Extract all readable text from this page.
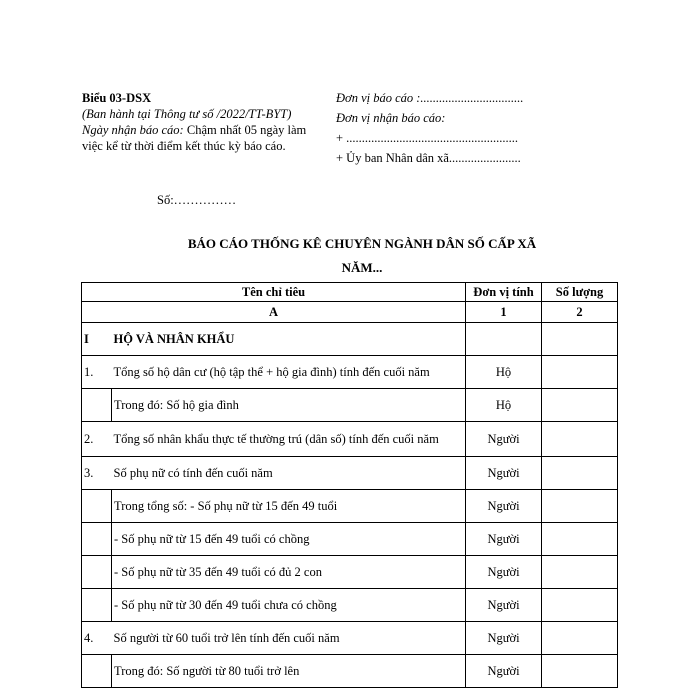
Biểu 03-DSX
(Ban hành tại Thông tư số /2022/TT-BYT)
Ngày nhận báo cáo: Chậm nhất 05 ngày làm việc kể từ thời điểm kết thúc kỳ báo cáo.
Đơn vị báo cáo :.................................
Đơn vị nhận báo cáo:
+ .......................................................
+ Ủy ban Nhân dân xã.......................
Số:……………
BÁO CÁO THỐNG KÊ CHUYÊN NGÀNH DÂN SỐ CẤP XÃ
NĂM...
Tên chỉ tiêu		Đơn vị tính	Số lượng
A		1	2
I	HỘ VÀ NHÂN KHẨU		
1.	Tổng số hộ dân cư (hộ tập thể + hộ gia đình) tính đến cuối năm	Hộ	
	Trong đó: Số hộ gia đình	Hộ	
2.	Tổng số nhân khẩu thực tế thường trú (dân số) tính đến cuối năm	Người	
3.	Số phụ nữ có tính đến cuối năm	Người	
	Trong tổng số: - Số phụ nữ từ 15 đến 49 tuổi	Người	
	- Số phụ nữ từ 15 đến 49 tuổi có chồng	Người	
	- Số phụ nữ từ 35 đến 49 tuổi có đủ 2 con	Người	
	- Số phụ nữ từ 30 đến 49 tuổi chưa có chồng	Người	
4.	Số người từ 60 tuổi trở lên tính đến cuối năm	Người	
	Trong đó: Số người từ 80 tuổi trở lên	Người	
